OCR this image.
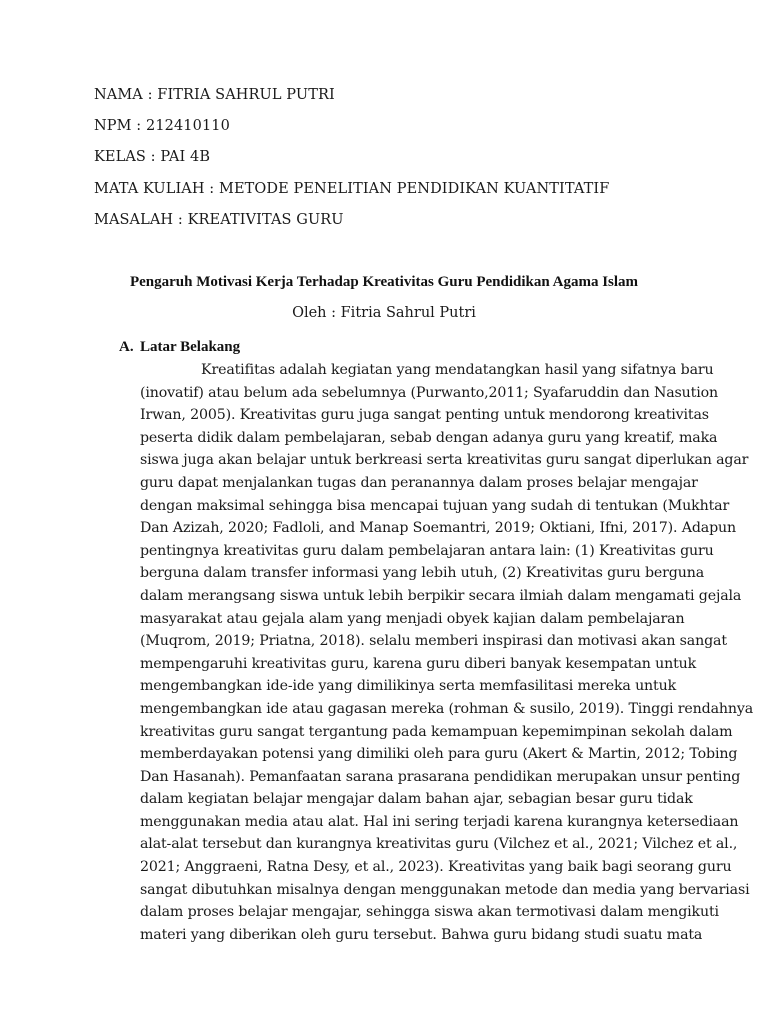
NAMA : FITRIA SAHRUL PUTRI
NPM : 212410110
KELAS : PAI 4B
MATA KULIAH : METODE PENELITIAN PENDIDIKAN KUANTITATIF
MASALAH : KREATIVITAS GURU
Pengaruh Motivasi Kerja Terhadap Kreativitas Guru Pendidikan Agama Islam
Oleh : Fitria Sahrul Putri
A. Latar Belakang
Kreatifitas adalah kegiatan yang mendatangkan hasil yang sifatnya baru
(inovatif) atau belum ada sebelumnya (Purwanto,2011; Syafaruddin dan Nasution
Irwan, 2005). Kreativitas guru juga sangat penting untuk mendorong kreativitas
peserta didik dalam pembelajaran, sebab dengan adanya guru yang kreatif, maka
siswa juga akan belajar untuk berkreasi serta kreativitas guru sangat diperlukan agar
guru dapat menjalankan tugas dan peranannya dalam proses belajar mengajar
dengan maksimal sehingga bisa mencapai tujuan yang sudah di tentukan (Mukhtar
Dan Azizah, 2020; Fadloli, and Manap Soemantri, 2019; Oktiani, Ifni, 2017). Adapun
pentingnya kreativitas guru dalam pembelajaran antara lain: (1) Kreativitas guru
berguna dalam transfer informasi yang lebih utuh, (2) Kreativitas guru berguna
dalam merangsang siswa untuk lebih berpikir secara ilmiah dalam mengamati gejala
masyarakat atau gejala alam yang menjadi obyek kajian dalam pembelajaran
(Muqrom, 2019; Priatna, 2018). selalu memberi inspirasi dan motivasi akan sangat
mempengaruhi kreativitas guru, karena guru diberi banyak kesempatan untuk
mengembangkan ide-ide yang dimilikinya serta memfasilitasi mereka untuk
mengembangkan ide atau gagasan mereka (rohman & susilo, 2019). Tinggi rendahnya
kreativitas guru sangat tergantung pada kemampuan kepemimpinan sekolah dalam
memberdayakan potensi yang dimiliki oleh para guru (Akert & Martin, 2012; Tobing
Dan Hasanah). Pemanfaatan sarana prasarana pendidikan merupakan unsur penting
dalam kegiatan belajar mengajar dalam bahan ajar, sebagian besar guru tidak
menggunakan media atau alat. Hal ini sering terjadi karena kurangnya ketersediaan
alat-alat tersebut dan kurangnya kreativitas guru (Vilchez et al., 2021; Vilchez et al.,
2021; Anggraeni, Ratna Desy, et al., 2023). Kreativitas yang baik bagi seorang guru
sangat dibutuhkan misalnya dengan menggunakan metode dan media yang bervariasi
dalam proses belajar mengajar, sehingga siswa akan termotivasi dalam mengikuti
materi yang diberikan oleh guru tersebut. Bahwa guru bidang studi suatu mata
